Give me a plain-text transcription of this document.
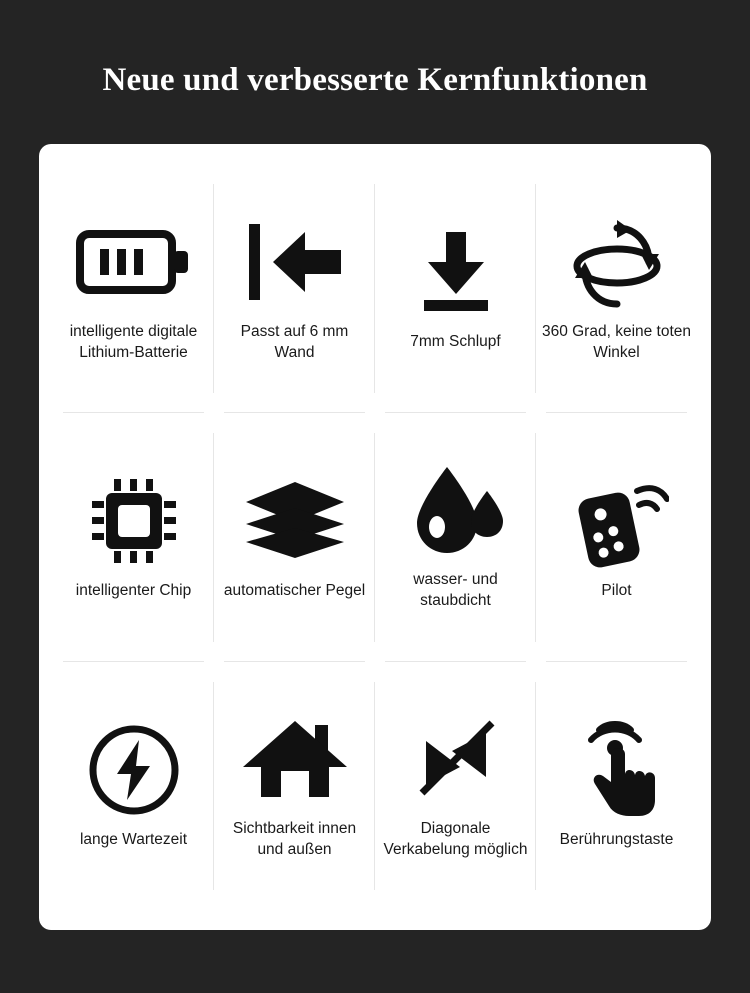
Neue und verbesserte Kernfunktionen
intelligente digitale Lithium-Batterie
Passt auf 6 mm Wand
7mm Schlupf
360 Grad, keine toten Winkel
intelligenter Chip automatischer Pegel
wasser- und staubdicht
Pilot
lange Wartezeit
Sichtbarkeit innen und außen
Diagonale Verkabelung möglich
Berührungstaste
